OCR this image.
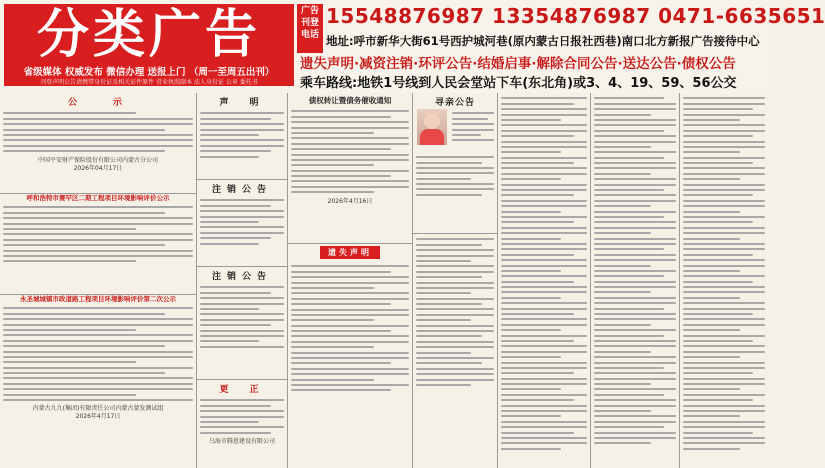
分类广告
省级媒体 权威发布 微信办理 送报上门 （周一至周五出刊）
刊登声明公告请携带身份证及相关证件原件 营业执照副本 法人身份证 公章 委托书
广告
刊登
电话
15548876987 13354876987 0471-6635651
地址:呼市新华大街61号西护城河巷(原内蒙古日报社西巷)南口北方新报广告接待中心
遗失声明·减资注销·环评公告·结婚启事·解除合同公告·送达公告·债权公告
乘车路线:地铁1号线到人民会堂站下车(东北角)或3、4、19、59、56公交
公　　示
中国平安财产保险股份有限公司内蒙古分公司
2026年04月17日
呼和浩特市赛罕区二期工程项目环境影响评价公示
永圣城城镇市政道路工程项目环境影响评价第二次公示
内蒙古九九(集团)有限责任公司内蒙古蒙发测试组
2026年4月17日
声　明
注销公告
注销公告
更　正
乌海市腾恩建设有限公司
债权转让暨债务催收通知
2026年4月16日
遗失声明
寻亲公告
